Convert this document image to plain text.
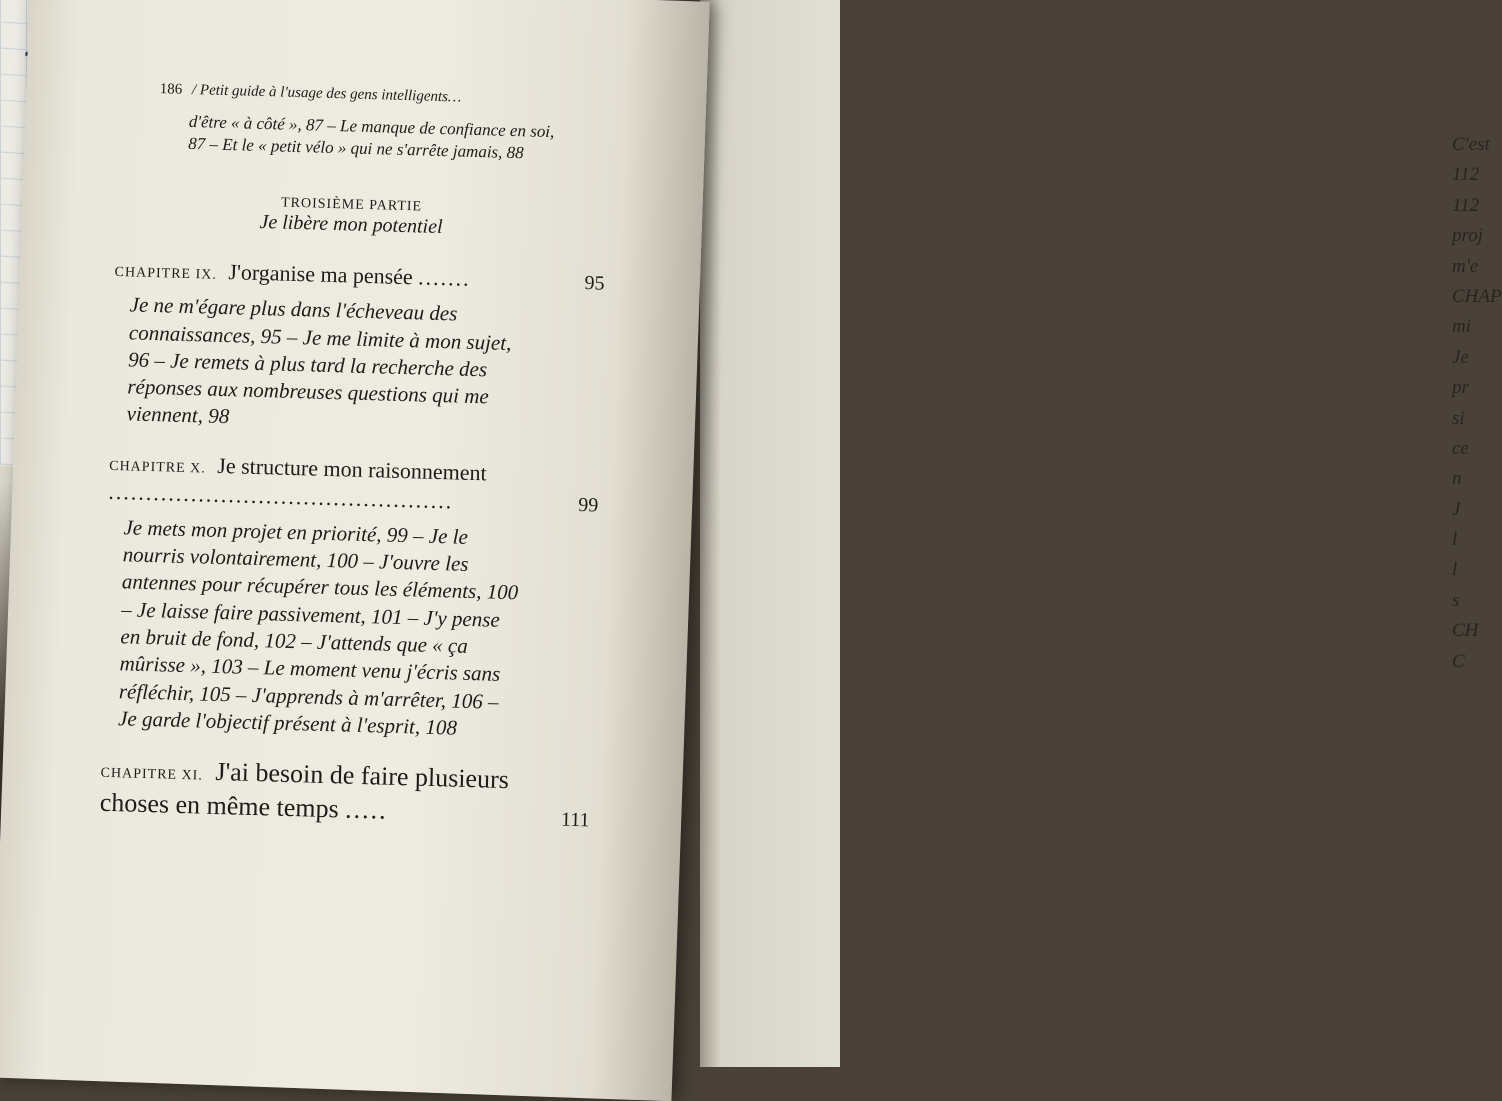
C'est
112
112
proj
m'e
CHAP
mi
Je
pr
si
ce
n
J
l
l
s
CH
C
186 / Petit guide à l'usage des gens intelligents…
d'être « à côté », 87 – Le manque de confiance en soi, 87 – Et le « petit vélo » qui ne s'arrête jamais, 88
TROISIÈME PARTIE
Je libère mon potentiel
CHAPITRE IX. J'organise ma pensée .......	95
Je ne m'égare plus dans l'écheveau des connaissances, 95 – Je me limite à mon sujet, 96 – Je remets à plus tard la recherche des réponses aux nombreuses questions qui me viennent, 98
CHAPITRE X. Je structure mon raisonnement ..............................................	99
Je mets mon projet en priorité, 99 – Je le nourris volontairement, 100 – J'ouvre les antennes pour récupérer tous les éléments, 100 – Je laisse faire passivement, 101 – J'y pense en bruit de fond, 102 – J'attends que « ça mûrisse », 103 – Le moment venu j'écris sans réfléchir, 105 – J'apprends à m'arrêter, 106 – Je garde l'objectif présent à l'esprit, 108
CHAPITRE XI. J'ai besoin de faire plusieurs choses en même temps .....	111
